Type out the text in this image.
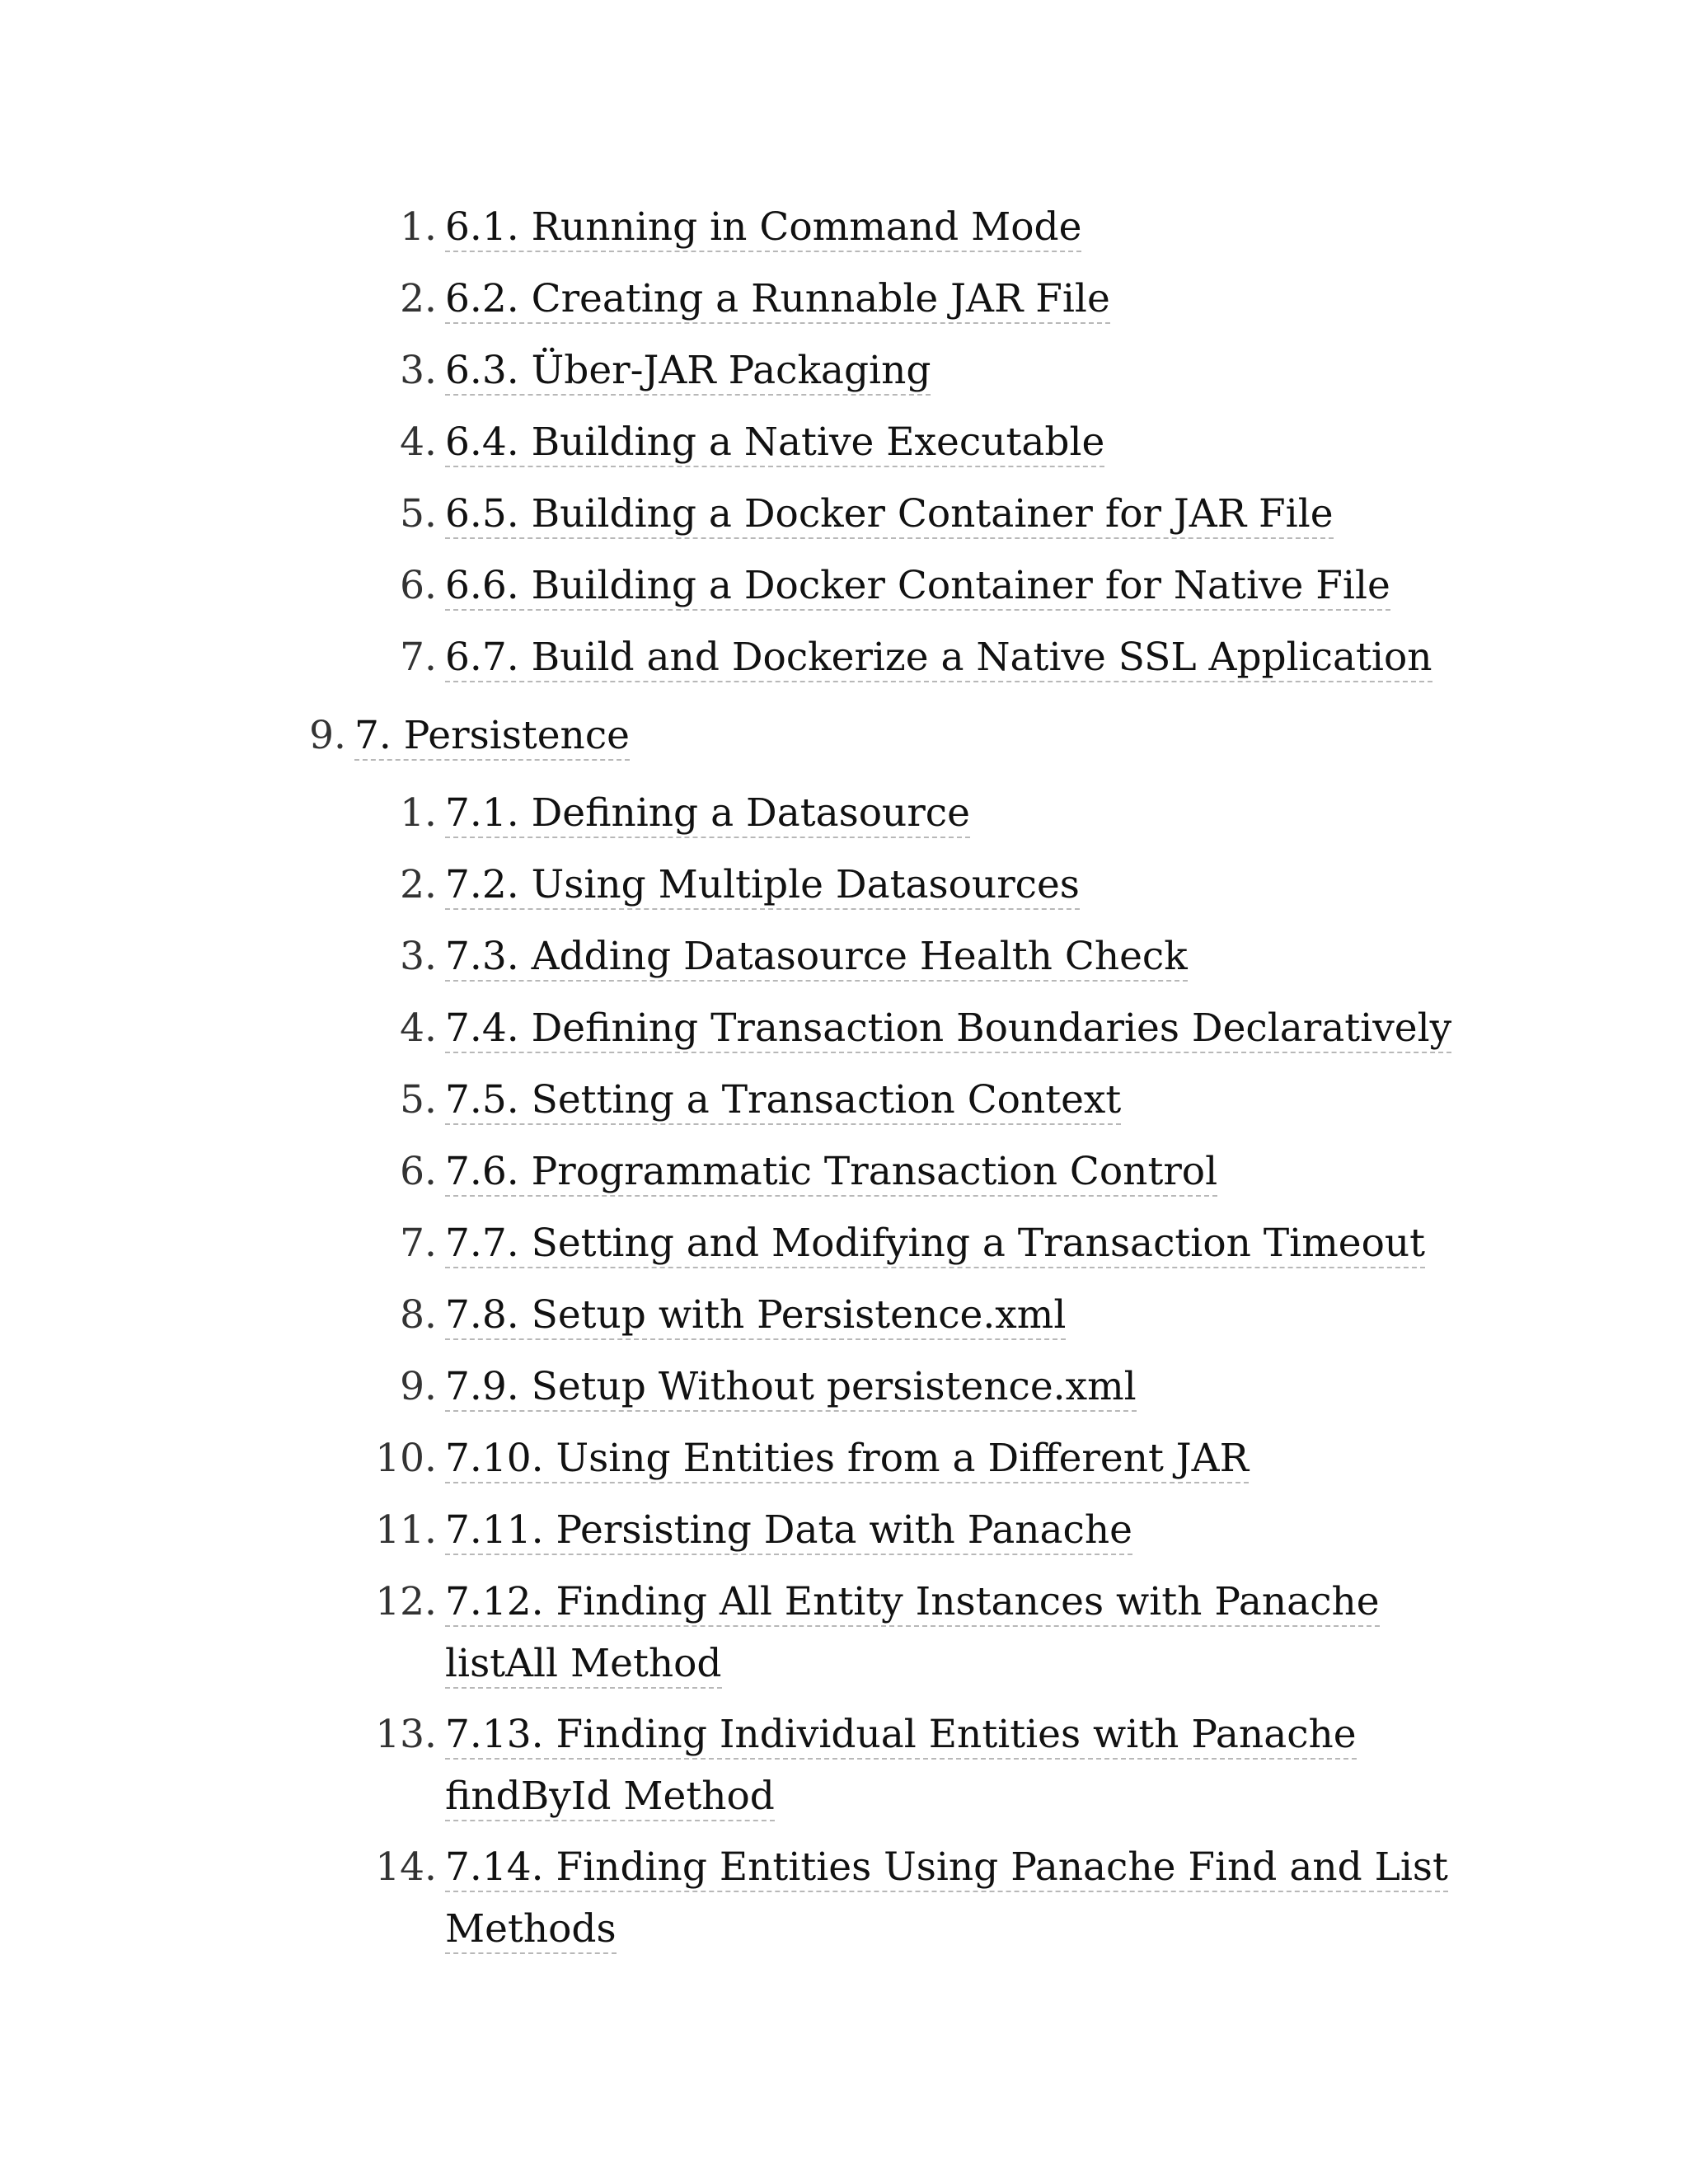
1. 6.1. Running in Command Mode
2. 6.2. Creating a Runnable JAR File
3. 6.3. Über-JAR Packaging
4. 6.4. Building a Native Executable
5. 6.5. Building a Docker Container for JAR File
6. 6.6. Building a Docker Container for Native File
7. 6.7. Build and Dockerize a Native SSL Application
9. 7. Persistence
1. 7.1. Defining a Datasource
2. 7.2. Using Multiple Datasources
3. 7.3. Adding Datasource Health Check
4. 7.4. Defining Transaction Boundaries Declaratively
5. 7.5. Setting a Transaction Context
6. 7.6. Programmatic Transaction Control
7. 7.7. Setting and Modifying a Transaction Timeout
8. 7.8. Setup with Persistence.xml
9. 7.9. Setup Without persistence.xml
10. 7.10. Using Entities from a Different JAR
11. 7.11. Persisting Data with Panache
12. 7.12. Finding All Entity Instances with Panache
listAll Method
13. 7.13. Finding Individual Entities with Panache
findById Method
14. 7.14. Finding Entities Using Panache Find and List
Methods
